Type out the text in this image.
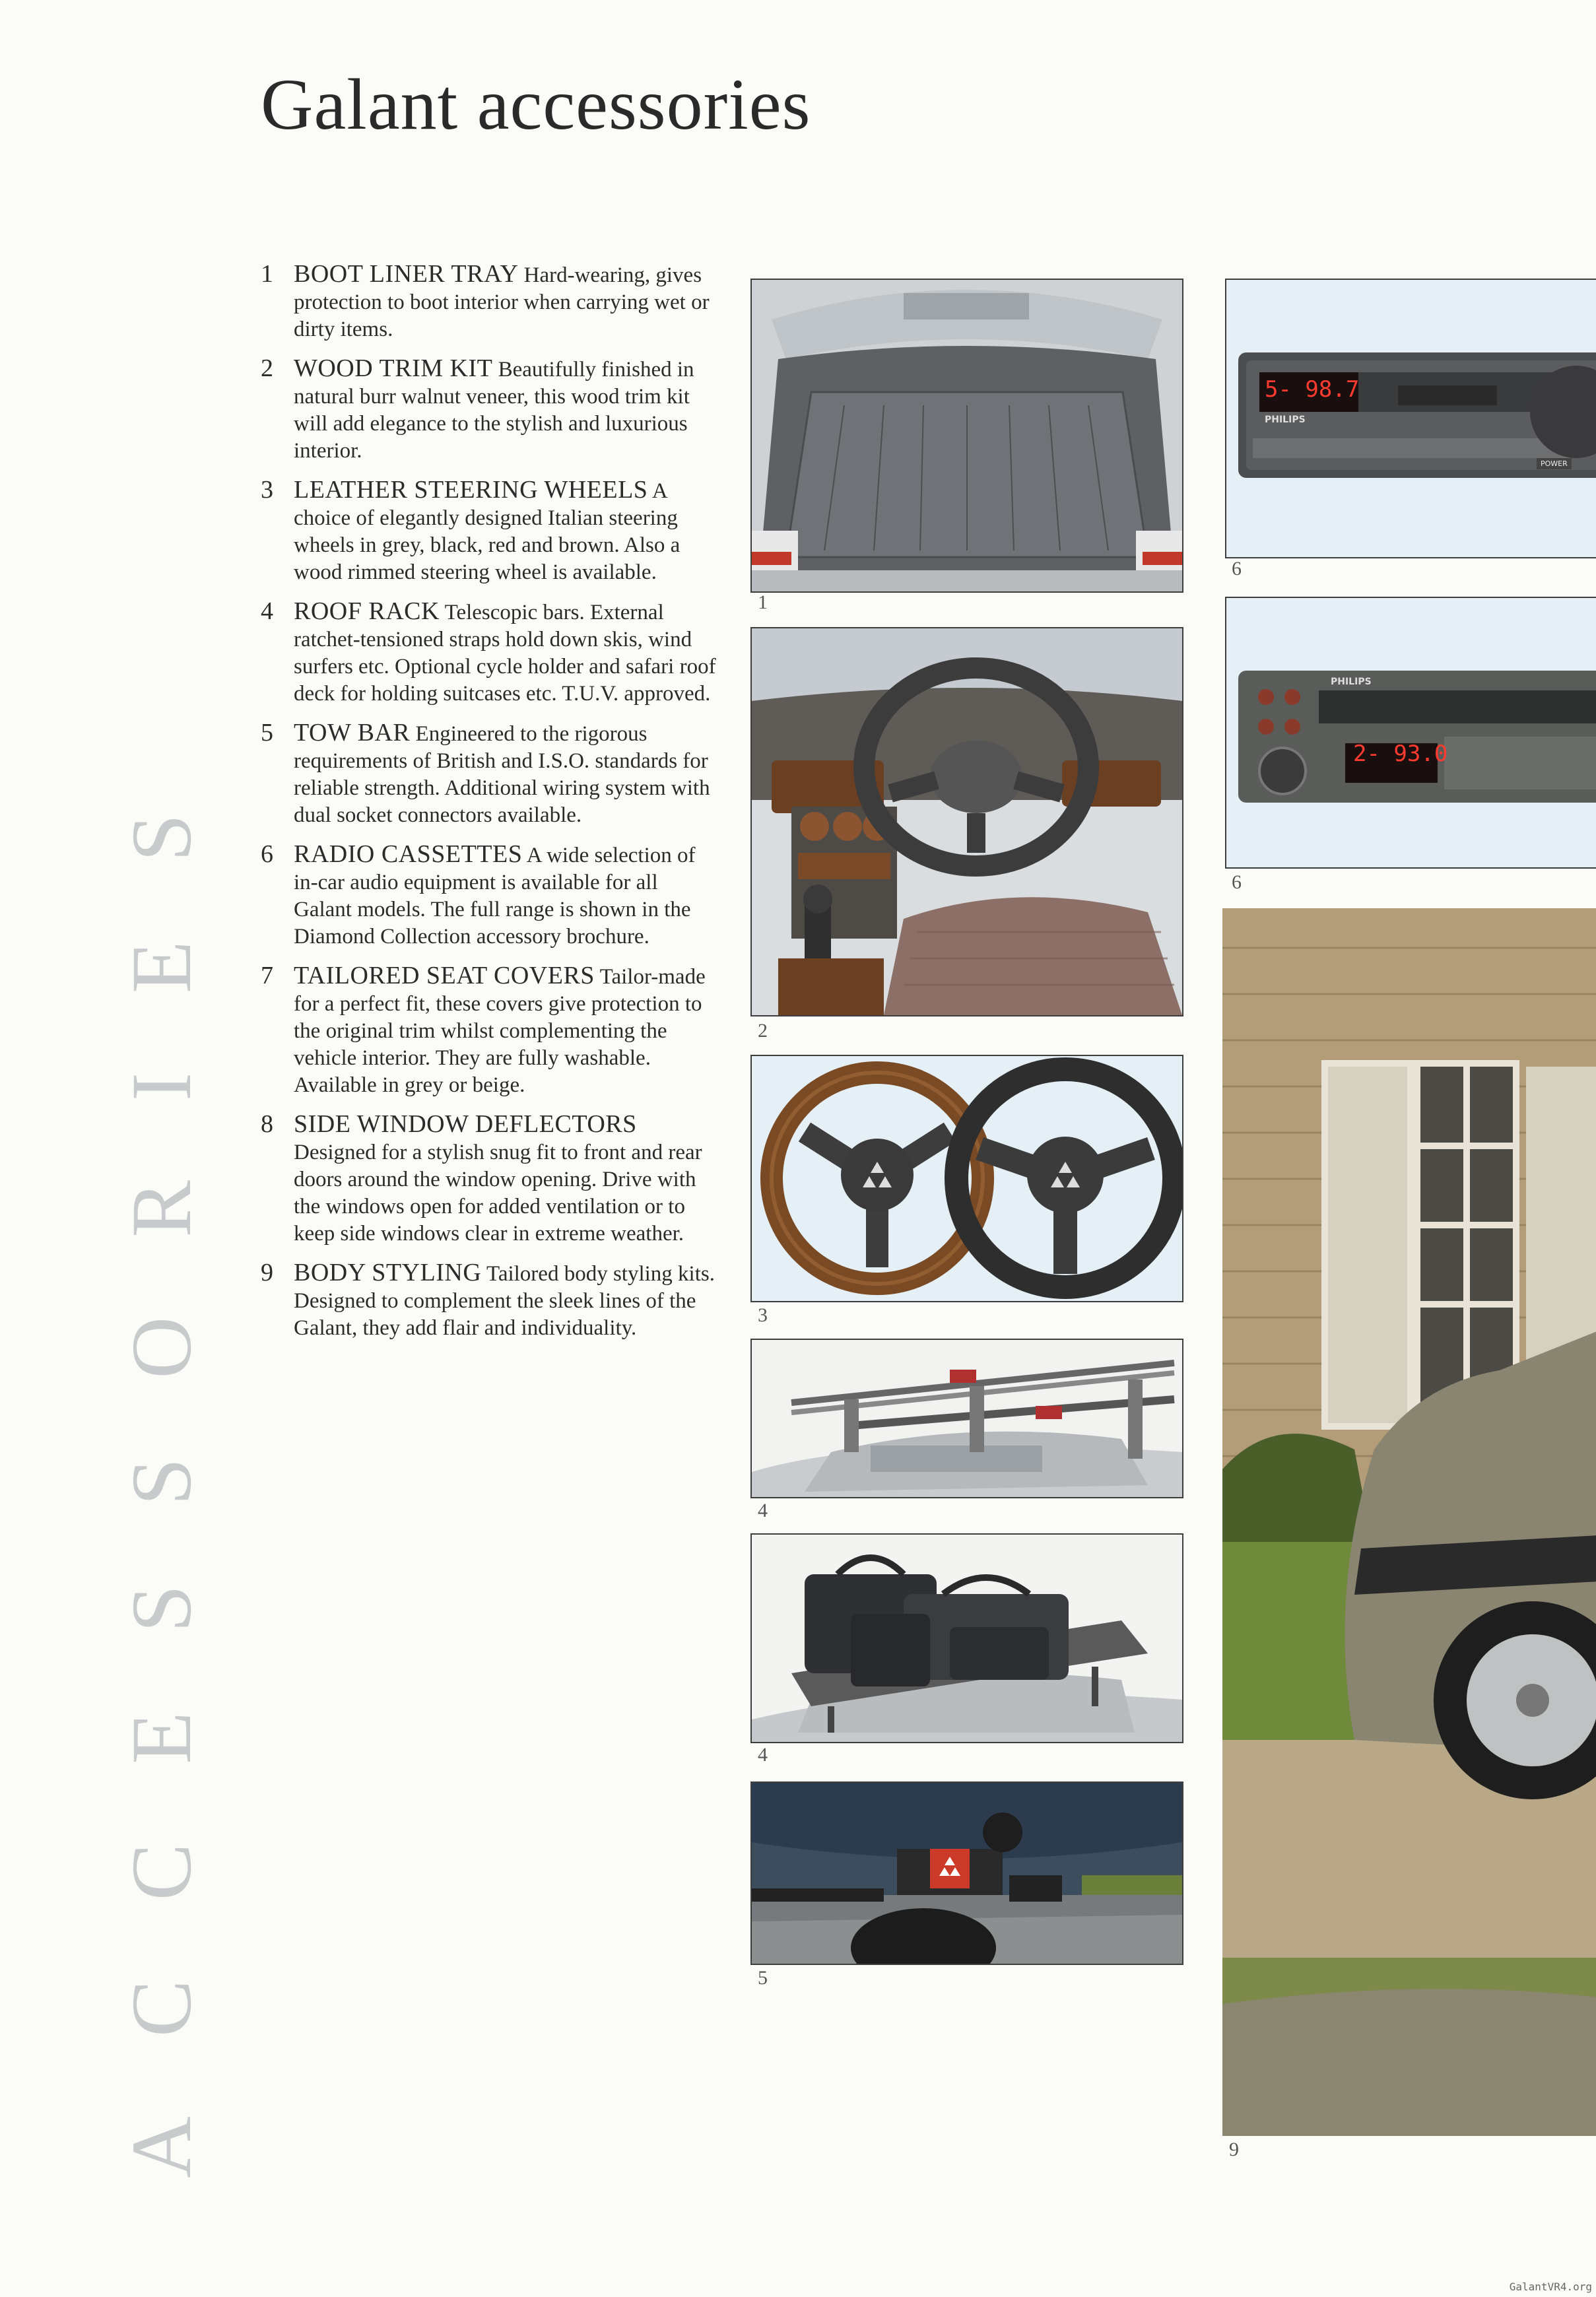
Galant accessories
ACCESSORIES
1 BOOT LINER TRAY Hard-wearing, gives protection to boot interior when carrying wet or dirty items.
2 WOOD TRIM KIT Beautifully finished in natural burr walnut veneer, this wood trim kit will add elegance to the stylish and luxurious interior.
3 LEATHER STEERING WHEELS A choice of elegantly designed Italian steering wheels in grey, black, red and brown. Also a wood rimmed steering wheel is available.
4 ROOF RACK Telescopic bars. External ratchet-tensioned straps hold down skis, wind surfers etc. Optional cycle holder and safari roof deck for holding suitcases etc. T.U.V. approved.
5 TOW BAR Engineered to the rigorous requirements of British and I.S.O. standards for reliable strength. Additional wiring system with dual socket connectors available.
6 RADIO CASSETTES A wide selection of in-car audio equipment is available for all Galant models. The full range is shown in the Diamond Collection accessory brochure.
7 TAILORED SEAT COVERS Tailor-made for a perfect fit, these covers give protection to the original trim whilst complementing the vehicle interior. They are fully washable. Available in grey or beige.
8 SIDE WINDOW DEFLECTORS Designed for a stylish snug fit to front and rear doors around the window opening. Drive with the windows open for added ventilation or to keep side windows clear in extreme weather.
9 BODY STYLING Tailored body styling kits. Designed to complement the sleek lines of the Galant, they add flair and individuality.
1
2
3
4
4
5
5- 98.7
PHILIPS
POWER
6
PHILIPS
2- 93.0
6
9
GalantVR4.org
